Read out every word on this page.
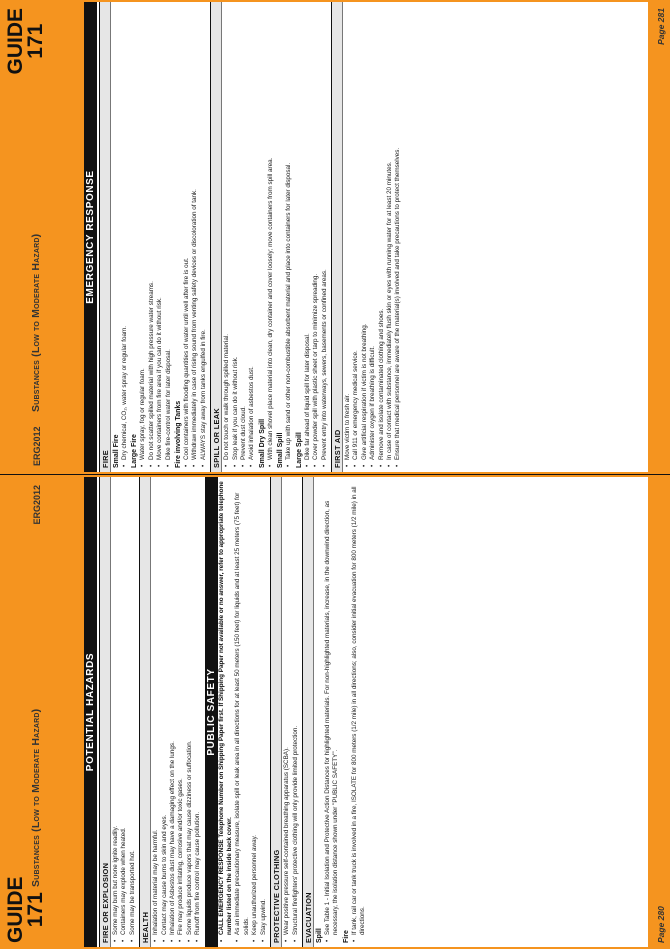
GUIDE
171
Substances (Low to Moderate Hazard)
ERG2012
POTENTIAL HAZARDS
FIRE OR EXPLOSION • Some may burn but none ignite readily. • Containers may explode when heated. • Some may be transported hot. HEALTH • Inhalation of material may be harmful. • Contact may cause burns to skin and eyes. • Inhalation of Asbestos dust may have a damaging effect on the lungs. • Fire may produce irritating, corrosive and/or toxic gases. • Some liquids produce vapors that may cause dizziness or suffocation. • Runoff from fire control may cause pollution.
PUBLIC SAFETY • CALL EMERGENCY RESPONSE Telephone Number on Shipping Paper first. If Shipping Paper not available or no answer, refer to appropriate telephone number listed on the inside back cover. • As an immediate precautionary measure, isolate spill or leak area in all directions for at least 50 meters (150 feet) for liquids and at least 25 meters (75 feet) for solids. • Keep unauthorized personnel away. • Stay upwind. PROTECTIVE CLOTHING • Wear positive pressure self-contained breathing apparatus (SCBA). • Structural firefighters' protective clothing will only provide limited protection. EVACUATION Spill
• See Table 1 - Initial Isolation and Protective Action Distances for highlighted materials. For non-highlighted materials, increase, in the downwind direction, as necessary, the isolation distance shown under "PUBLIC SAFETY".
Fire
• If tank, rail car or tank truck is involved in a fire, ISOLATE for 800 meters (1/2 mile) in all directions; also, consider initial evacuation for 800 meters (1/2 mile) in all directions.	Page 280
ERG2012
Substances (Low to Moderate Hazard)
GUIDE
171
EMERGENCY RESPONSE
FIRE Small Fire • Dry chemical, CO₂, water spray or regular foam. Large Fire • Water spray, fog or regular foam. • Do not scatter spilled material with high pressure water streams. • Move containers from fire area if you can do it without risk. • Dike fire-control water for later disposal. Fire involving Tanks • Cool containers with flooding quantities of water until well after fire is out. • Withdraw immediately in case of rising sound from venting safety devices or discoloration of tank. • ALWAYS stay away from tanks engulfed in fire. SPILL OR LEAK • Do not touch or walk through spilled material. • Stop leak if you can do it without risk. • Prevent dust cloud. • Avoid inhalation of asbestos dust. Small Dry Spill • With clean shovel place material into clean, dry container and cover loosely; move containers from spill area. Small Spill • Take up with sand or other non-combustible absorbent material and place into containers for later disposal. Large Spill • Dike far ahead of liquid spill for later disposal. • Cover powder spill with plastic sheet or tarp to minimize spreading. • Prevent entry into waterways, sewers, basements or confined areas. FIRST AID • Move victim to fresh air. • Call 911 or emergency medical service. • Give artificial respiration if victim is not breathing. • Administer oxygen if breathing is difficult. • Remove and isolate contaminated clothing and shoes. • In case of contact with substance, immediately flush skin or eyes with running water for at least 20 minutes. • Ensure that medical personnel are aware of the material(s) involved and take precautions to protect themselves.
Page 281
